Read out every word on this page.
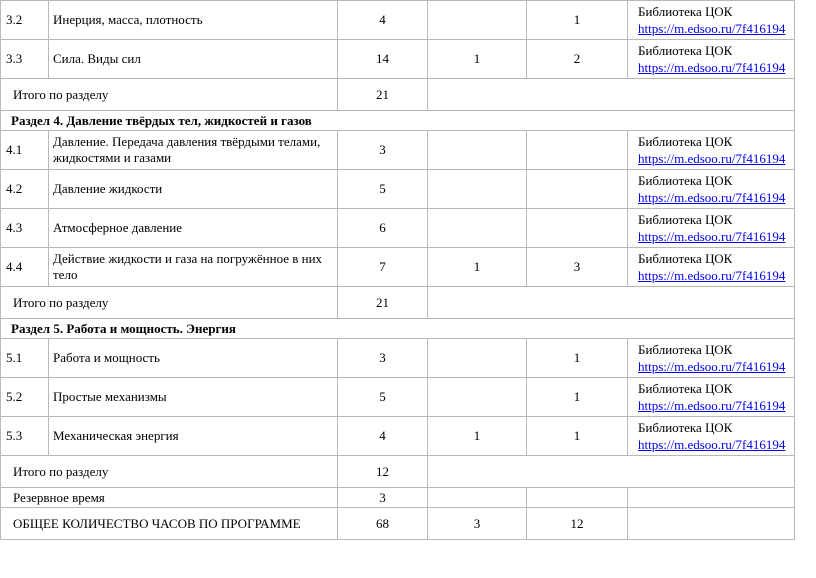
3.2	Инерция, масса, плотность	4		1	Библиотека ЦОК
https://m.edsoo.ru/7f416194
3.3	Сила. Виды сил	14	1	2	Библиотека ЦОК
https://m.edsoo.ru/7f416194
Итого по разделу		21			
Раздел 4. Давление твёрдых тел, жидкостей и газов					
4.1	Давление. Передача давления твёрдыми телами, жидкостями и газами	3			Библиотека ЦОК
https://m.edsoo.ru/7f416194
4.2	Давление жидкости	5			Библиотека ЦОК
https://m.edsoo.ru/7f416194
4.3	Атмосферное давление	6			Библиотека ЦОК
https://m.edsoo.ru/7f416194
4.4	Действие жидкости и газа на погружённое в них тело	7	1	3	Библиотека ЦОК
https://m.edsoo.ru/7f416194
Итого по разделу		21			
Раздел 5. Работа и мощность. Энергия					
5.1	Работа и мощность	3		1	Библиотека ЦОК
https://m.edsoo.ru/7f416194
5.2	Простые механизмы	5		1	Библиотека ЦОК
https://m.edsoo.ru/7f416194
5.3	Механическая энергия	4	1	1	Библиотека ЦОК
https://m.edsoo.ru/7f416194
Итого по разделу		12			
Резервное время		3			
ОБЩЕЕ КОЛИЧЕСТВО ЧАСОВ ПО ПРОГРАММЕ		68	3	12	
